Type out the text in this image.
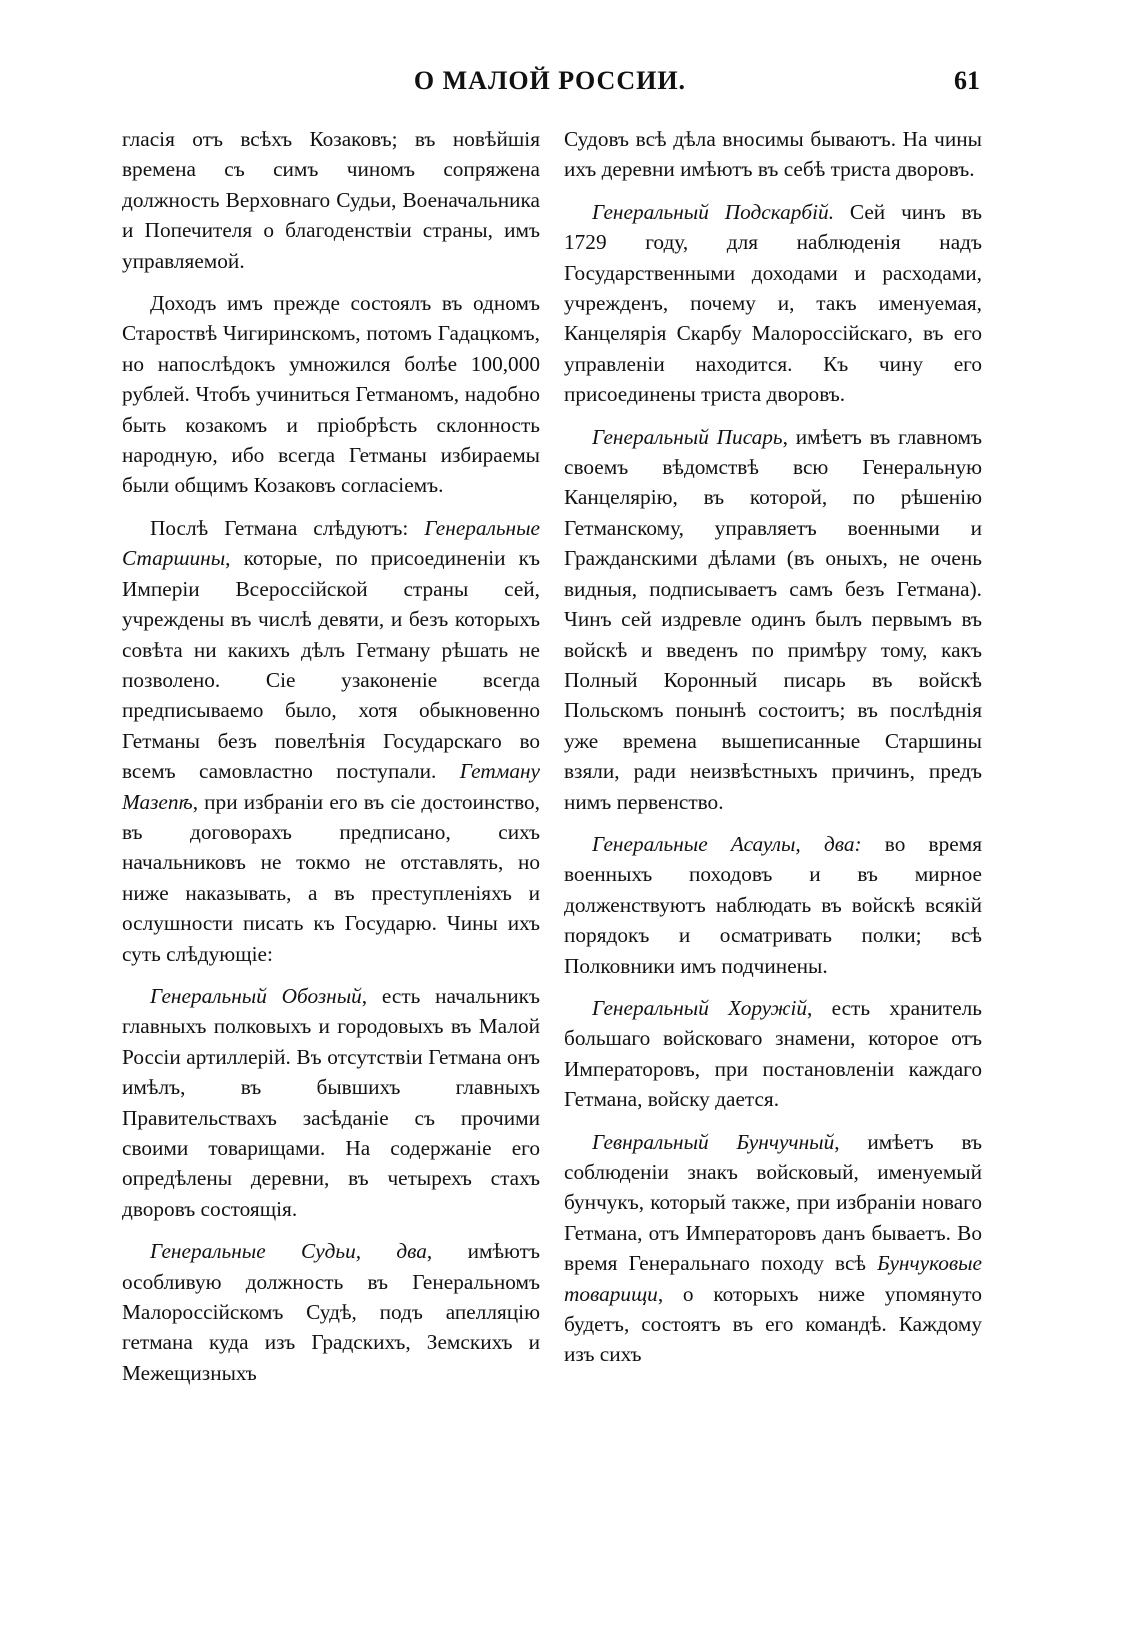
О МАЛОЙ РОССИИ.	61

гласія отъ всѣхъ Козаковъ; въ новѣйшія времена съ симъ чиномъ сопряжена должность Верховнаго Судьи, Военачальника и Попечителя о благоденствіи страны, имъ управляемой.

Доходъ имъ прежде состоялъ въ одномъ Староствѣ Чигиринскомъ, потомъ Гадацкомъ, но напослѣдокъ умножился болѣе 100,000 рублей. Чтобъ учиниться Гетманомъ, надобно быть козакомъ и пріобрѣсть склонность народную, ибо всегда Гетманы избираемы были общимъ Козаковъ согласіемъ.

Послѣ Гетмана слѣдуютъ: Генеральные Старшины, которые, по присоединеніи къ Имперіи Всероссійской страны сей, учреждены въ числѣ девяти, и безъ которыхъ совѣта ни какихъ дѣлъ Гетману рѣшать не позволено. Сіе узаконеніе всегда предписываемо было, хотя обыкновенно Гетманы безъ повелѣнія Государскаго во всемъ самовластно поступали. Гетману Мазепѣ, при избраніи его въ сіе достоинство, въ договорахъ предписано, сихъ начальниковъ не токмо не отставлять, но ниже наказывать, а въ преступленіяхъ и ослушности писать къ Государю. Чины ихъ суть слѣдующіе:

Генеральный Обозный, есть начальникъ главныхъ полковыхъ и городовыхъ въ Малой Россіи артиллерій. Въ отсутствіи Гетмана онъ имѣлъ, въ бывшихъ главныхъ Правительствахъ засѣданіе съ прочими своими товарищами. На содержаніе его опредѣлены деревни, въ четырехъ стахъ дворовъ состоящія.

Генеральные Судьи, два, имѣютъ особливую должность въ Генеральномъ Малороссійскомъ Судѣ, подъ апелляцію гетмана куда изъ Градскихъ, Земскихъ и Межещизныхъ

Судовъ всѣ дѣла вносимы бываютъ. На чины ихъ деревни имѣютъ въ себѣ триста дворовъ.

Генеральный Подскарбій. Сей чинъ въ 1729 году, для наблюденія надъ Государственными доходами и расходами, учрежденъ, почему и, такъ именуемая, Канцелярія Скарбу Малороссійскаго, въ его управленіи находится. Къ чину его присоединены триста дворовъ.

Генеральный Писарь, имѣетъ въ главномъ своемъ вѣдомствѣ всю Генеральную Канцелярію, въ которой, по рѣшенію Гетманскому, управляетъ военными и Гражданскими дѣлами (въ оныхъ, не очень видныя, подписываетъ самъ безъ Гетмана). Чинъ сей издревле одинъ былъ первымъ въ войскѣ и введенъ по примѣру тому, какъ Полный Коронный писарь въ войскѣ Польскомъ понынѣ состоитъ; въ послѣднія уже времена вышеписанные Старшины взяли, ради неизвѣстныхъ причинъ, предъ нимъ первенство.

Генеральные Асаулы, два: во время военныхъ походовъ и въ мирное долженствуютъ наблюдать въ войскѣ всякій порядокъ и осматривать полки; всѣ Полковники имъ подчинены.

Генеральный Хоружій, есть хранитель большаго войсковаго знамени, которое отъ Императоровъ, при постановленіи каждаго Гетмана, войску дается.

Гевнральный Бунчучный, имѣетъ въ соблюденіи знакъ войсковый, именуемый бунчукъ, который также, при избраніи новаго Гетмана, отъ Императоровъ данъ бываетъ. Во время Генеральнаго походу всѣ Бунчуковые товарищи, о которыхъ ниже упомянуто будетъ, состоятъ въ его командѣ. Каждому изъ сихъ
